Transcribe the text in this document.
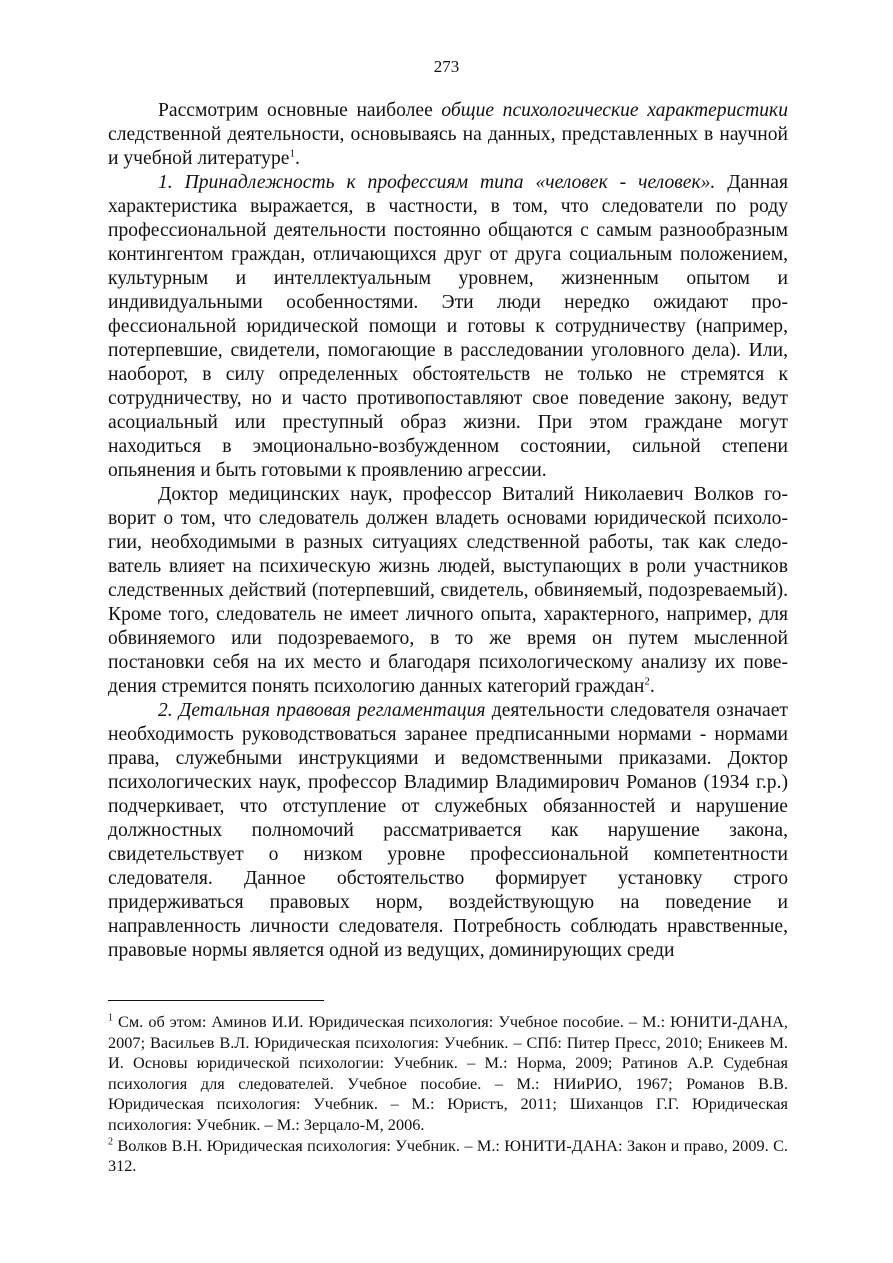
273

Рассмотрим основные наиболее общие психологические характеристики следственной деятельности, основываясь на данных, представленных в научной и учебной литературе$^1$.

1. Принадлежность к профессиям типа «человек - человек». Данная характеристика выражается, в частности, в том, что следователи по роду профессиональной деятельности постоянно общаются с самым разнообразным контингентом граждан, отличающихся друг от друга социальным положением, культурным и интеллектуальным уровнем, жизненным опытом и индивидуальными особенностями. Эти люди нередко ожидают профессиональной юридической помощи и готовы к сотрудничеству (например, потерпевшие, свидетели, помогающие в расследовании уголовного дела). Или, наоборот, в силу определенных обстоятельств не только не стремятся к сотрудничеству, но и часто противопоставляют свое поведение закону, ведут асоциальный или преступный образ жизни. При этом граждане могут находиться в эмоционально-возбужденном состоянии, сильной степени опьянения и быть готовыми к проявлению агрессии.

Доктор медицинских наук, профессор Виталий Николаевич Волков говорит о том, что следователь должен владеть основами юридической психологии, необходимыми в разных ситуациях следственной работы, так как следователь влияет на психическую жизнь людей, выступающих в роли участников следственных действий (потерпевший, свидетель, обвиняемый, подозреваемый). Кроме того, следователь не имеет личного опыта, характерного, например, для обвиняемого или подозреваемого, в то же время он путем мысленной постановки себя на их место и благодаря психологическому анализу их поведения стремится понять психологию данных категорий граждан$^2$.

2. Детальная правовая регламентация деятельности следователя означает необходимость руководствоваться заранее предписанными нормами - нормами права, служебными инструкциями и ведомственными приказами. Доктор психологических наук, профессор Владимир Владимирович Романов (1934 г.р.) подчеркивает, что отступление от служебных обязанностей и нарушение должностных полномочий рассматривается как нарушение закона, свидетельствует о низком уровне профессиональной компетентности следователя. Данное обстоятельство формирует установку строго придерживаться правовых норм, воздействующую на поведение и направленность личности следователя. Потребность соблюдать нравственные, правовые нормы является одной из ведущих, доминирующих среди

$^1$ См. об этом: Аминов И.И. Юридическая психология: Учебное пособие. – М.: ЮНИТИ-ДАНА, 2007; Васильев В.Л. Юридическая психология: Учебник. – СПб: Питер Пресс, 2010; Еникеев М. И. Основы юридической психологии: Учебник. – М.: Норма, 2009; Ратинов А.Р. Судебная психология для следователей. Учебное пособие. – М.: НИиРИО, 1967; Романов В.В. Юридическая психология: Учебник. – М.: Юристъ, 2011; Шиханцов Г.Г. Юридическая психология: Учебник. – М.: Зерцало-М, 2006.

$^2$ Волков В.Н. Юридическая психология: Учебник. – М.: ЮНИТИ-ДАНА: Закон и право, 2009. С. 312.
